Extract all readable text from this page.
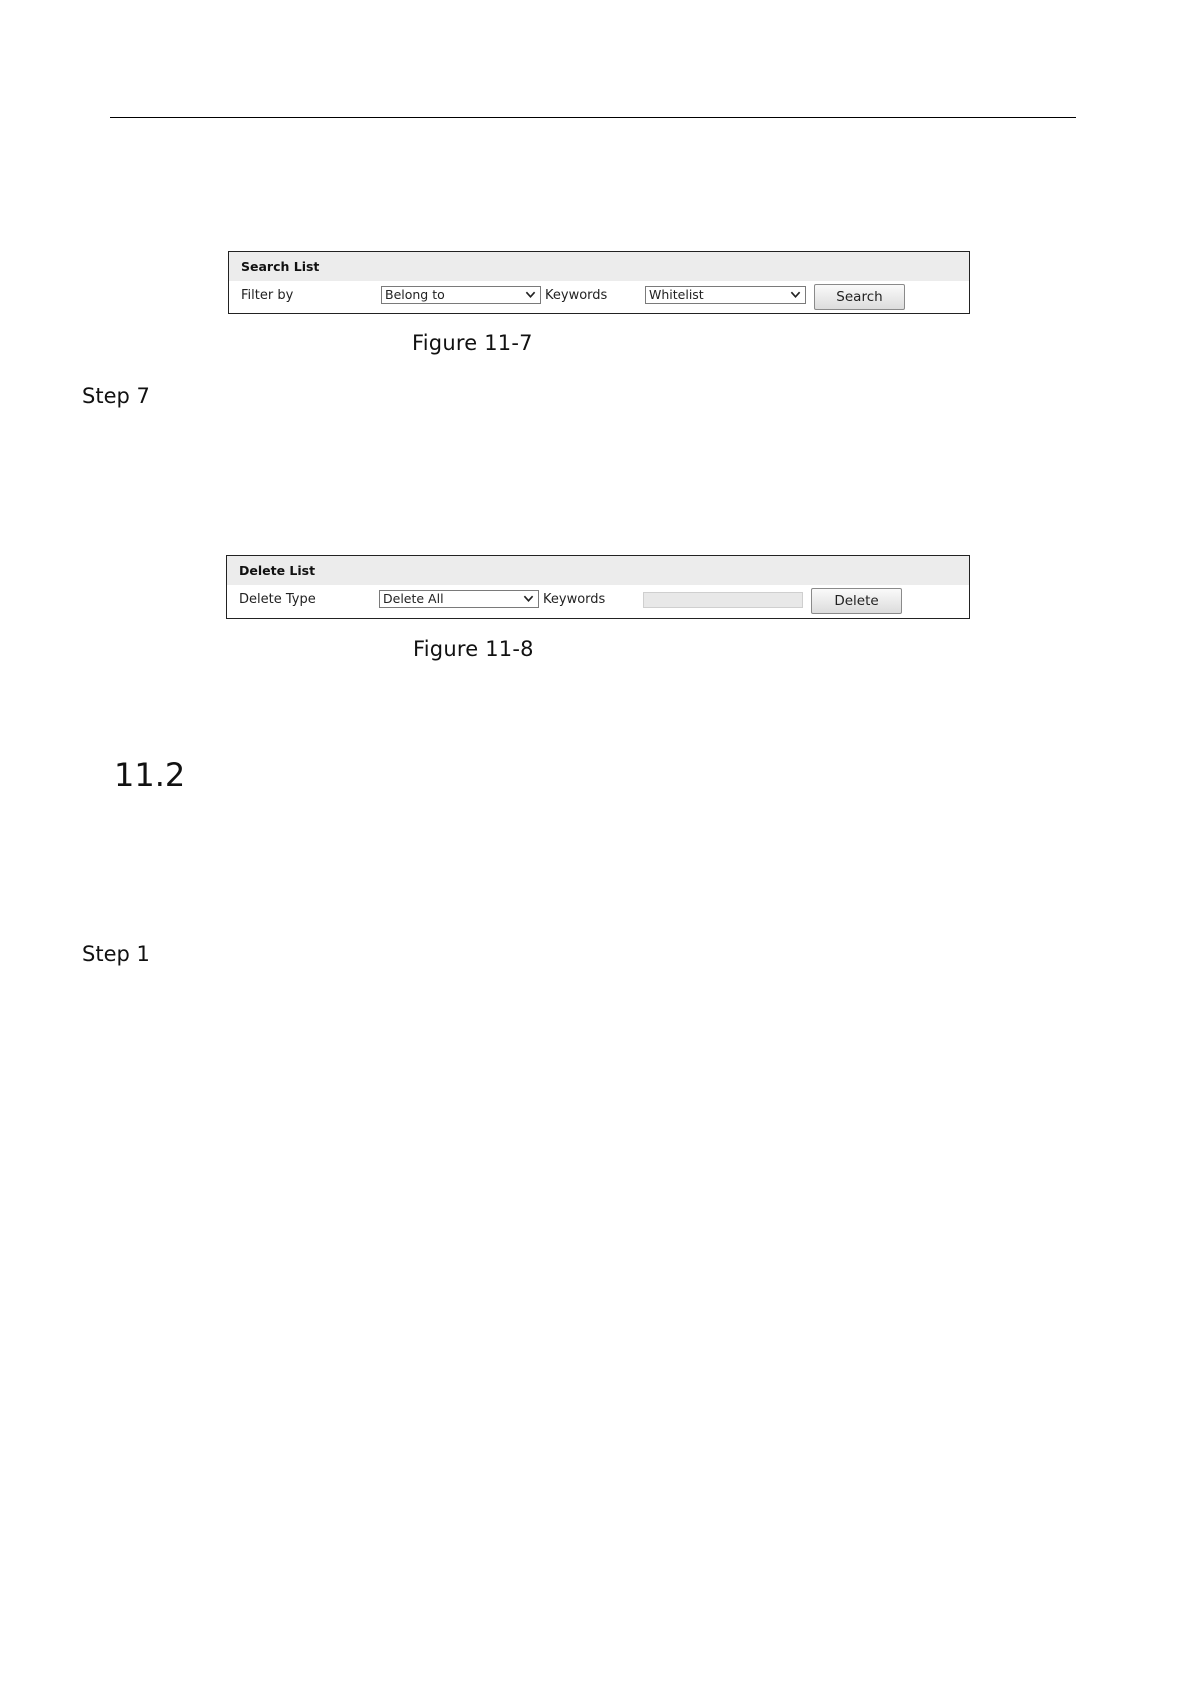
Search List
Filter by	Belong to	Keywords	Whitelist	Search
Figure 11-7
Step 7
Delete List
Delete Type	Delete All	Keywords	Delete
Figure 11-8
11.2
Step 1
